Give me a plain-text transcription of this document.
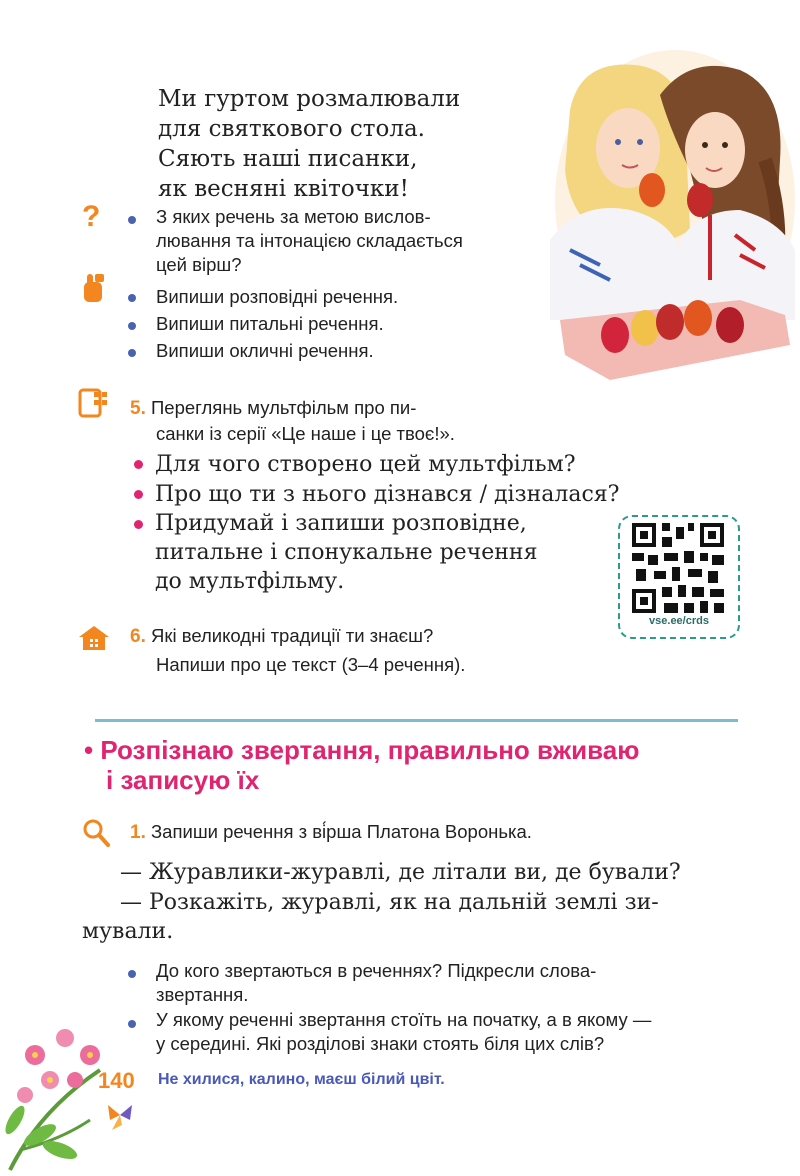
Ми гуртом розмалювали
для святкового стола.
Сяють наші писанки,
як весняні квіточки!
?	З яких речень за метою вислов-
лювання та інтонацією складається
цей вірш?
Випиши розповідні речення.
Випиши питальні речення.
Випиши окличні речення.
5. Переглянь мультфільм про пи-
санки із серії «Це наше і це твоє!».
Для чого створено цей мультфільм?
Про що ти з нього дізнався / дізналася?
Придумай і запиши розповідне,
питальне і спонукальне речення
до мультфільму.
vse.ee/crds
6. Які великодні традиції ти знаєш?
Напиши про це текст (3–4 речення).
• Розпізнаю звертання, правильно вживаю
і записую їх
1. Запиши речення з ві́рша Платона Воронька.
— Журавлики-журавлі, де літали ви, де бували?
— Розкажіть, журавлі, як на дальній землі зи-
мували.
До кого звертаються в реченнях? Підкресли слова-
звертання.
У якому реченні звертання стоїть на початку, а в якому —
у середині. Які розділові знаки стоять біля цих слів?
140 Не хилися, калино, маєш білий цвіт.
